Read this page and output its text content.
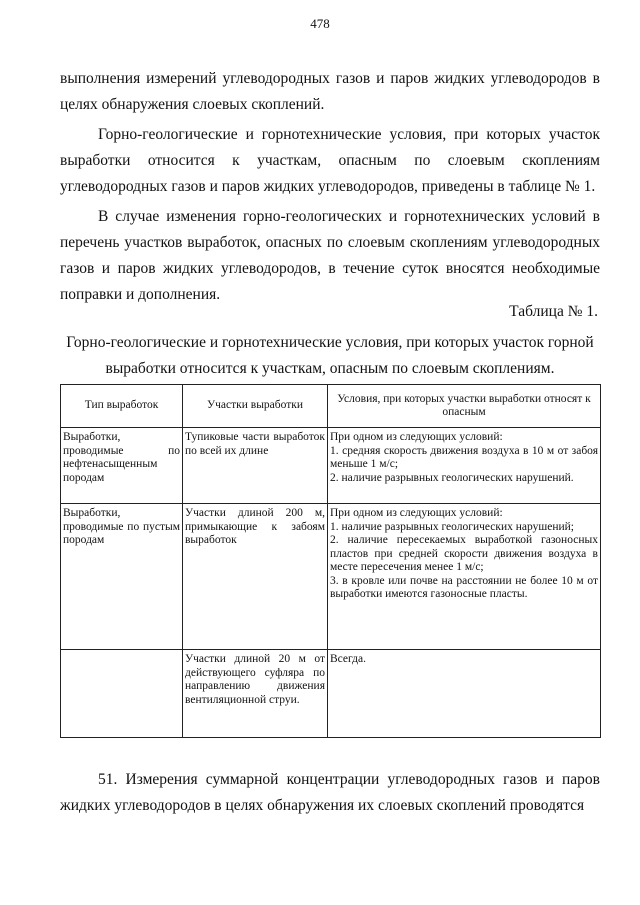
478

выполнения измерений углеводородных газов и паров жидких углеводородов в целях обнаружения слоевых скоплений.

Горно-геологические и горнотехнические условия, при которых участок выработки относится к участкам, опасным по слоевым скоплениям углеводородных газов и паров жидких углеводородов, приведены в таблице № 1.

В случае изменения горно-геологических и горнотехнических условий в перечень участков выработок, опасных по слоевым скоплениям углеводородных газов и паров жидких углеводородов, в течение суток вносятся необходимые поправки и дополнения.

Таблица № 1.

Горно-геологические и горнотехнические условия, при которых участок горной выработки относится к участкам, опасным по слоевым скоплениям.

Тип выработок	Участки выработки	Условия, при которых участки выработки относят к опасным
Выработки, проводимые по нефтенасыщенным породам	Тупиковые части выработок по всей их длине	При одном из следующих условий:
1. средняя скорость движения воздуха в 10 м от забоя меньше 1 м/с;
2. наличие разрывных геологических нарушений.

Выработки, проводимые по пустым породам	Участки длиной 200 м, примыкающие к забоям выработок	При одном из следующих условий:
1. наличие разрывных геологических нарушений;
2. наличие пересекаемых выработкой газоносных пластов при средней скорости движения воздуха в месте пересечения менее 1 м/с;
3. в кровле или почве на расстоянии не более 10 м от выработки имеются газоносные пласты.

	Участки длиной 20 м от действующего суфляра по направлению движения вентиляционной струи.	Всегда.

51. Измерения суммарной концентрации углеводородных газов и паров жидких углеводородов в целях обнаружения их слоевых скоплений проводятся
